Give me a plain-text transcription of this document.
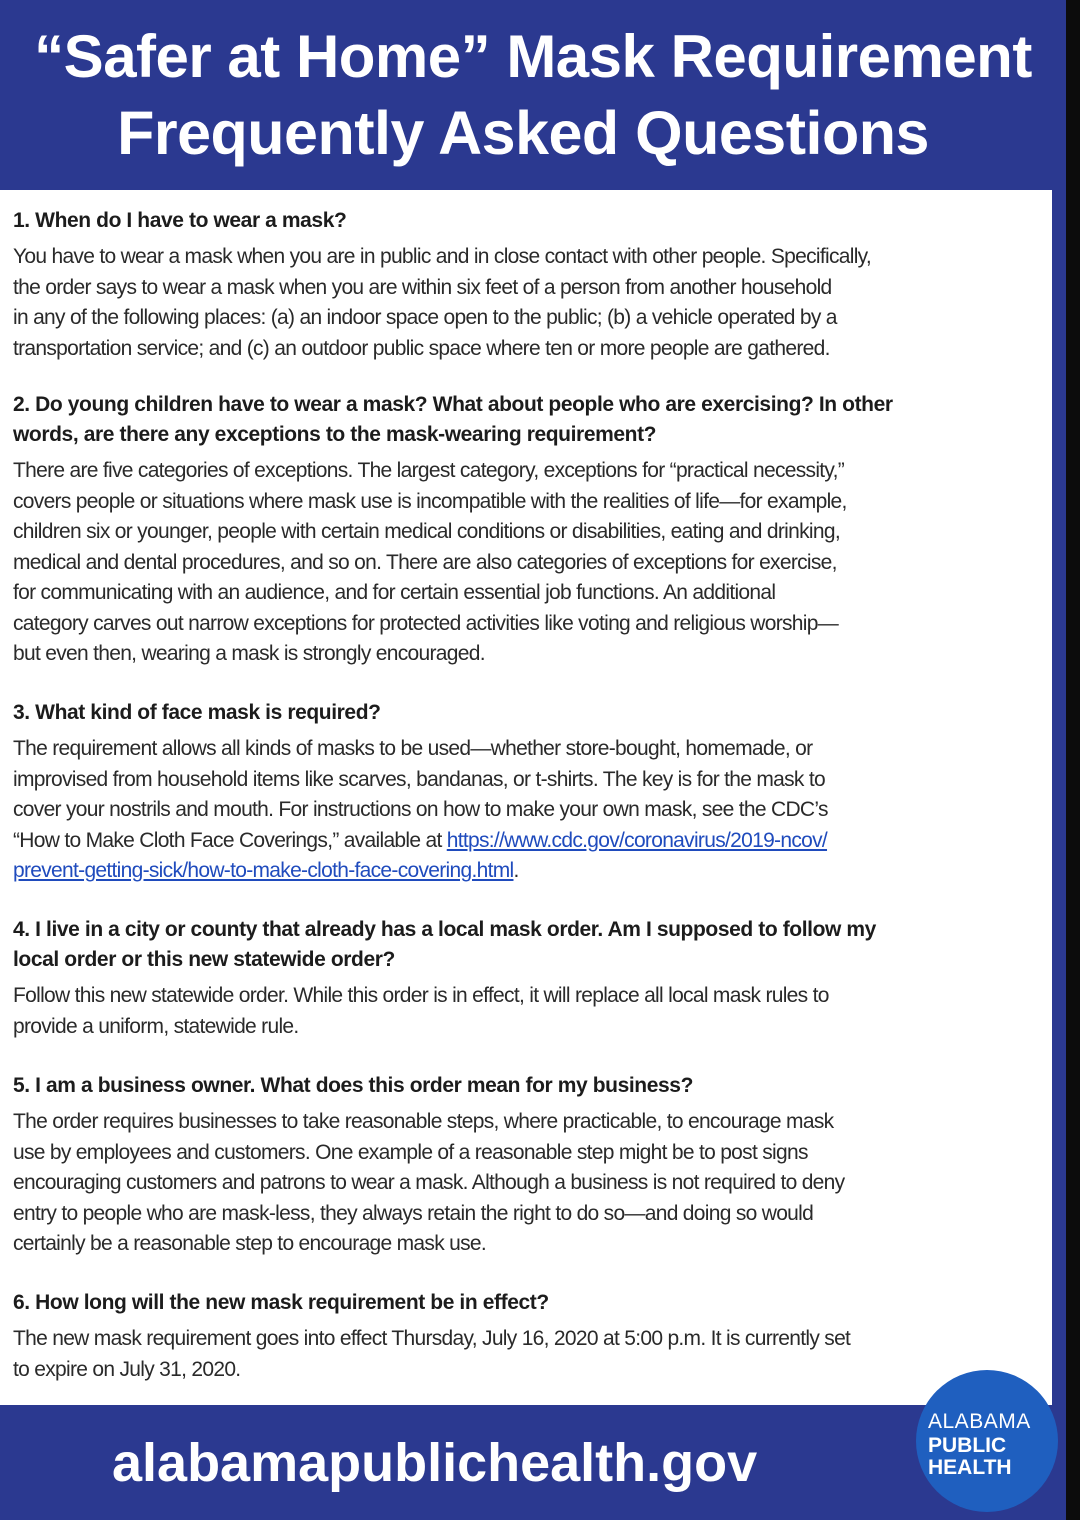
“Safer at Home” Mask Requirement
Frequently Asked Questions
1. When do I have to wear a mask?
You have to wear a mask when you are in public and in close contact with other people. Specifically,
the order says to wear a mask when you are within six feet of a person from another household
in any of the following places: (a) an indoor space open to the public; (b) a vehicle operated by a
transportation service; and (c) an outdoor public space where ten or more people are gathered.
2. Do young children have to wear a mask? What about people who are exercising? In other
words, are there any exceptions to the mask-wearing requirement?
There are five categories of exceptions. The largest category, exceptions for “practical necessity,”
covers people or situations where mask use is incompatible with the realities of life—for example,
children six or younger, people with certain medical conditions or disabilities, eating and drinking,
medical and dental procedures, and so on. There are also categories of exceptions for exercise,
for communicating with an audience, and for certain essential job functions. An additional
category carves out narrow exceptions for protected activities like voting and religious worship—
but even then, wearing a mask is strongly encouraged.
3. What kind of face mask is required?
The requirement allows all kinds of masks to be used—whether store-bought, homemade, or
improvised from household items like scarves, bandanas, or t-shirts. The key is for the mask to
cover your nostrils and mouth. For instructions on how to make your own mask, see the CDC’s
“How to Make Cloth Face Coverings,” available at https://www.cdc.gov/coronavirus/2019-ncov/
prevent-getting-sick/how-to-make-cloth-face-covering.html.
4. I live in a city or county that already has a local mask order. Am I supposed to follow my
local order or this new statewide order?
Follow this new statewide order. While this order is in effect, it will replace all local mask rules to
provide a uniform, statewide rule.
5. I am a business owner. What does this order mean for my business?
The order requires businesses to take reasonable steps, where practicable, to encourage mask
use by employees and customers. One example of a reasonable step might be to post signs
encouraging customers and patrons to wear a mask. Although a business is not required to deny
entry to people who are mask-less, they always retain the right to do so—and doing so would
certainly be a reasonable step to encourage mask use.
6. How long will the new mask requirement be in effect?
The new mask requirement goes into effect Thursday, July 16, 2020 at 5:00 p.m. It is currently set
to expire on July 31, 2020.
alabamapublichealth.gov
ALABAMA
PUBLIC
HEALTH
